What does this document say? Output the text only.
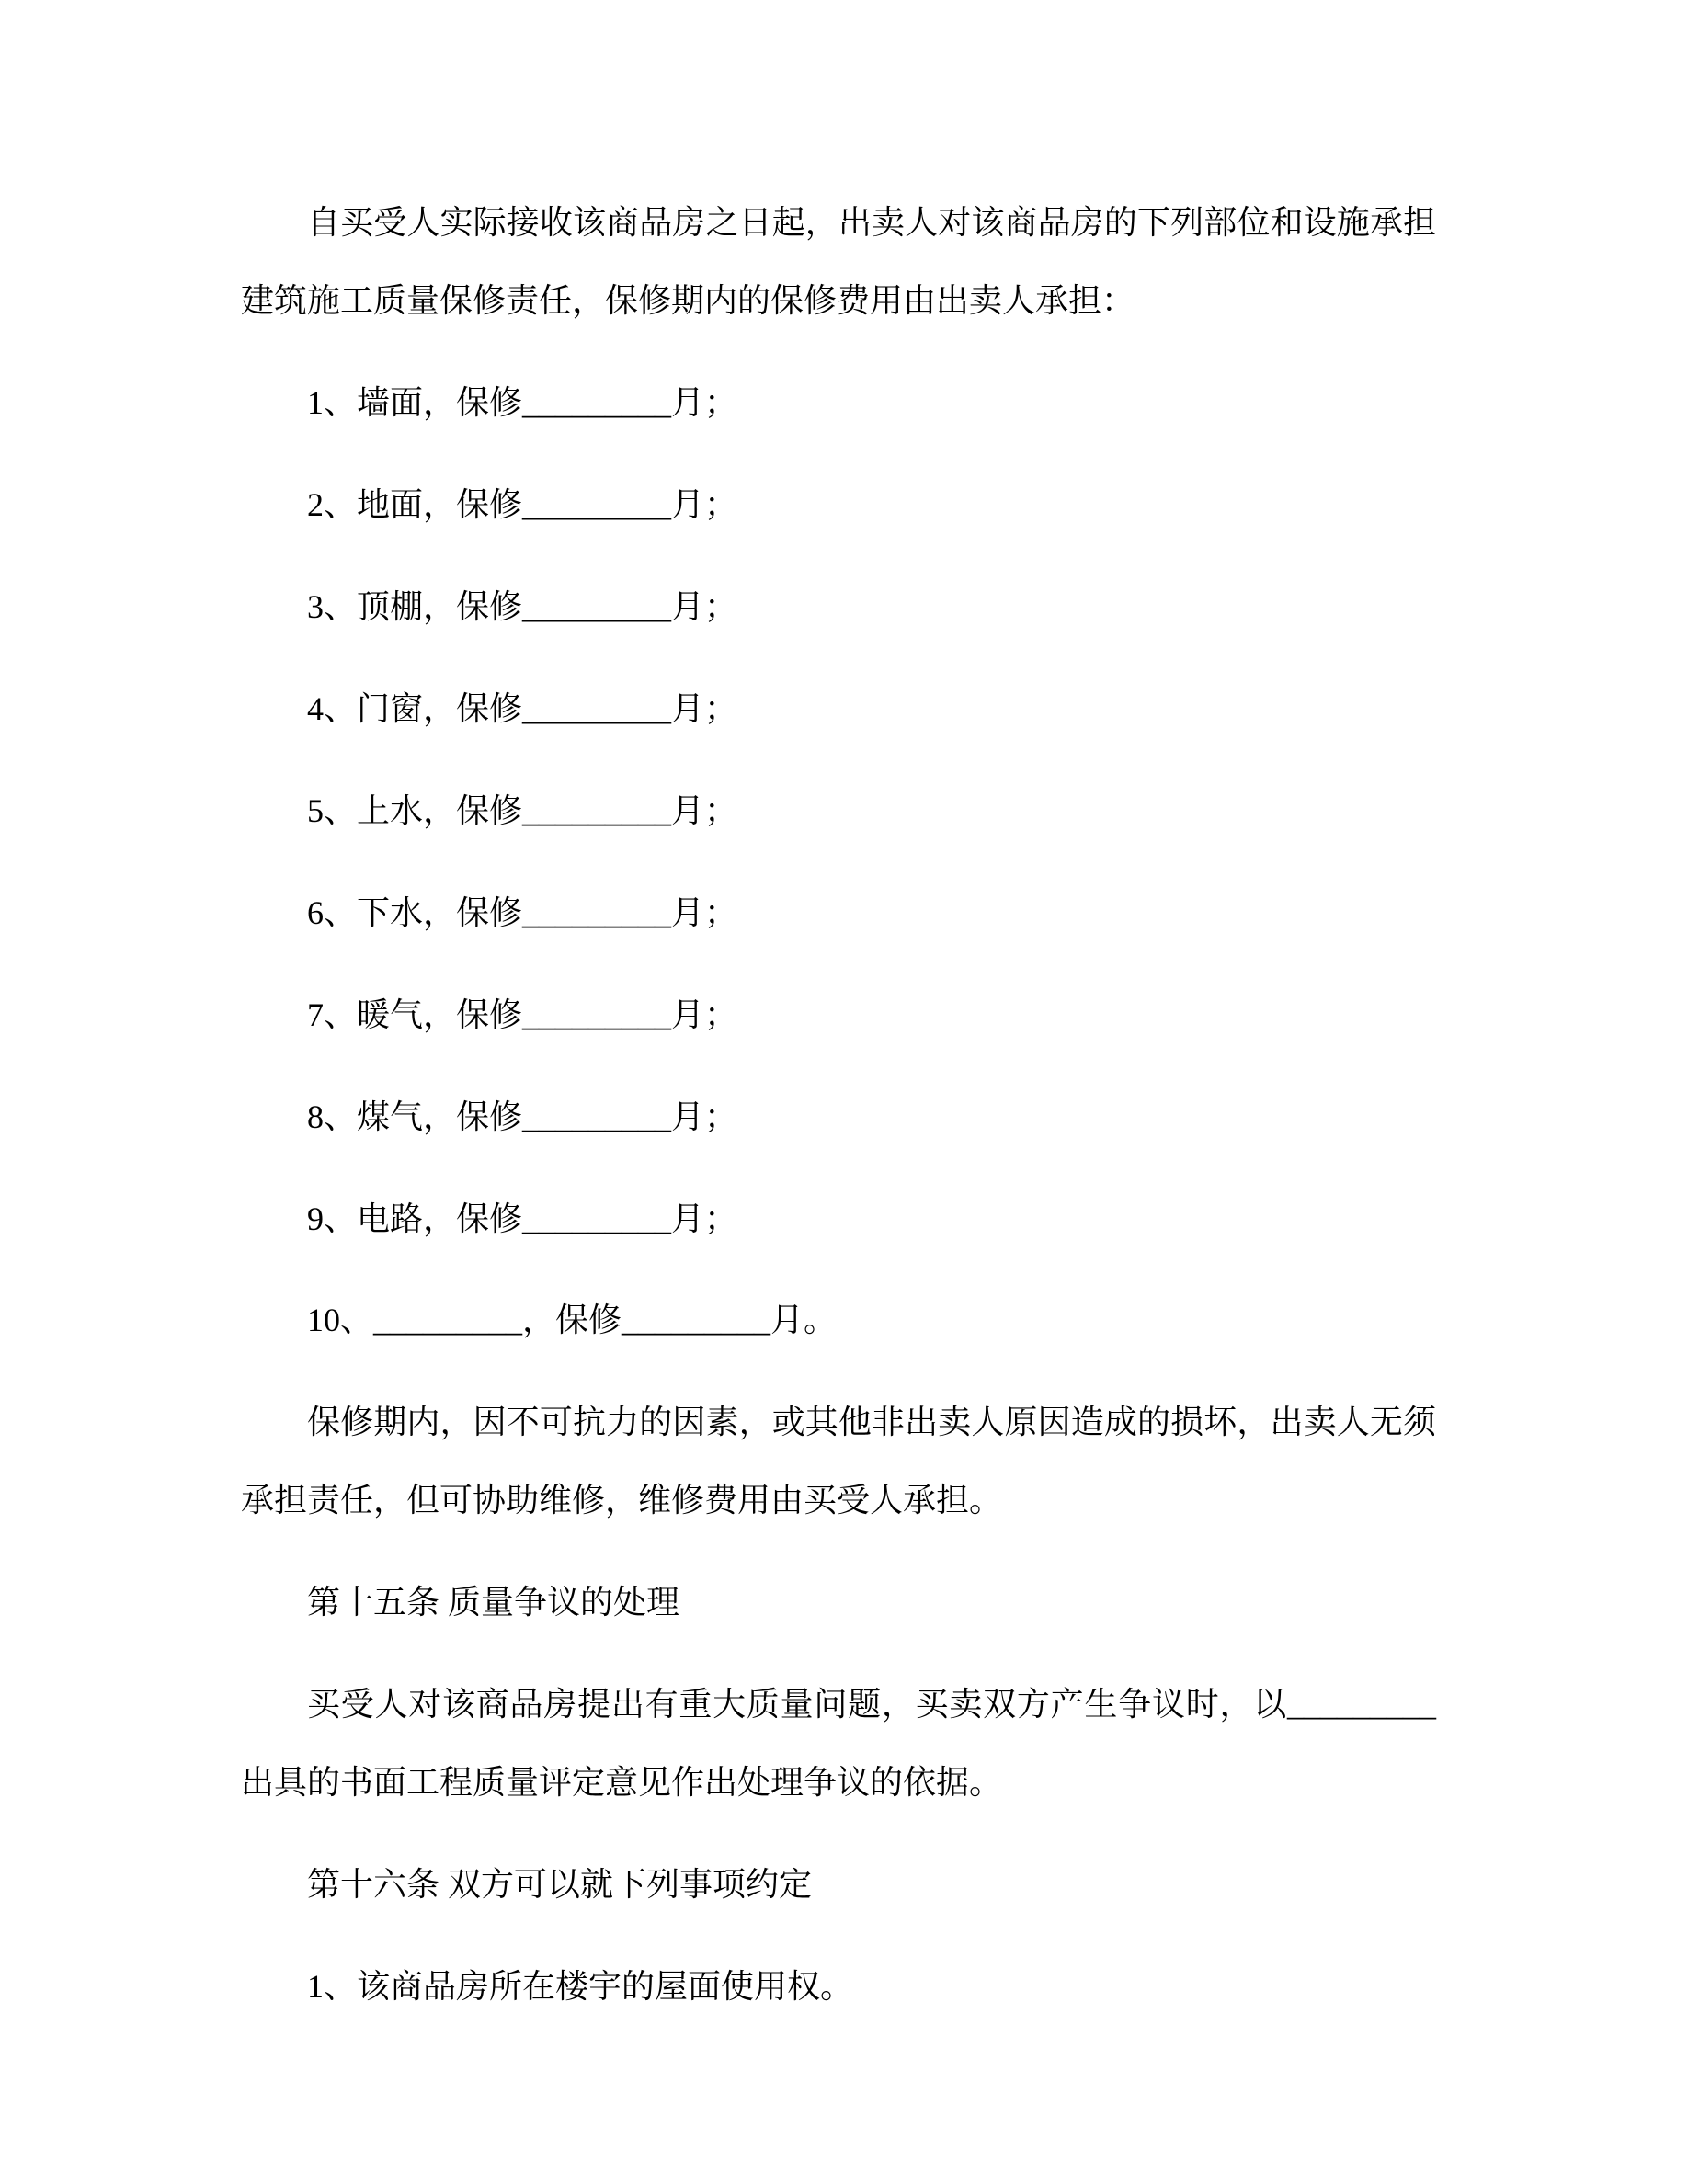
自买受人实际接收该商品房之日起，出卖人对该商品房的下列部位和设施承担建筑施工质量保修责任，保修期内的保修费用由出卖人承担：

1、墙面，保修_________月；

2、地面，保修_________月；

3、顶棚，保修_________月；

4、门窗，保修_________月；

5、上水，保修_________月；

6、下水，保修_________月；

7、暖气，保修_________月；

8、煤气，保修_________月；

9、电路，保修_________月；

10、_________，保修_________月。

保修期内，因不可抗力的因素，或其他非出卖人原因造成的损坏，出卖人无须承担责任，但可协助维修，维修费用由买受人承担。

第十五条 质量争议的处理

买受人对该商品房提出有重大质量问题，买卖双方产生争议时，以_________出具的书面工程质量评定意见作出处理争议的依据。

第十六条 双方可以就下列事项约定

1、该商品房所在楼宇的屋面使用权。
